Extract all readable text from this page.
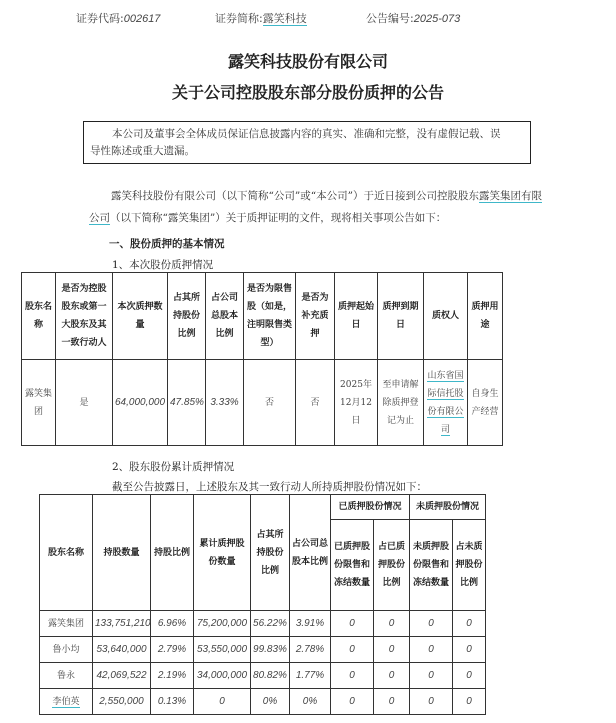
证券代码:002617	证券简称:露笑科技	公告编号:2025-073
露笑科技股份有限公司
关于公司控股股东部分股份质押的公告
本公司及董事会全体成员保证信息披露内容的真实、准确和完整，没有虚假记载、误
导性陈述或重大遗漏。
露笑科技股份有限公司（以下简称“公司”或“本公司”）于近日接到公司控股股东露笑集团有限公司（以下简称“露笑集团”）关于质押证明的文件，现将相关事项公告如下：
一、股份质押的基本情况
1、本次股份质押情况
股东名称	是否为控股股东或第一大股东及其一致行动人	本次质押数量	占其所持股份比例	占公司总股本比例	是否为限售股（如是，注明限售类型）	是否为补充质押	质押起始日	质押到期日	质权人	质押用途
露笑集团	是	64,000,000	47.85%	3.33%	否	否	2025年12月12日	至申请解除质押登记为止	山东省国际信托股份有限公司	自身生产经营
2、股东股份累计质押情况
截至公告披露日，上述股东及其一致行动人所持质押股份情况如下：
股东名称	持股数量	持股比例	累计质押股份数量	占其所持股份比例	占公司总股本比例	已质押股份情况		未质押股份情况	
						已质押股份限售和冻结数量	占已质押股份比例	未质押股份限售和冻结数量	占未质押股份比例
露笑集团	133,751,210	6.96%	75,200,000	56.22%	3.91%	0	0	0	0
鲁小均	53,640,000	2.79%	53,550,000	99.83%	2.78%	0	0	0	0
鲁永	42,069,522	2.19%	34,000,000	80.82%	1.77%	0	0	0	0
李伯英	2,550,000	0.13%	0	0%	0%	0	0	0	0
